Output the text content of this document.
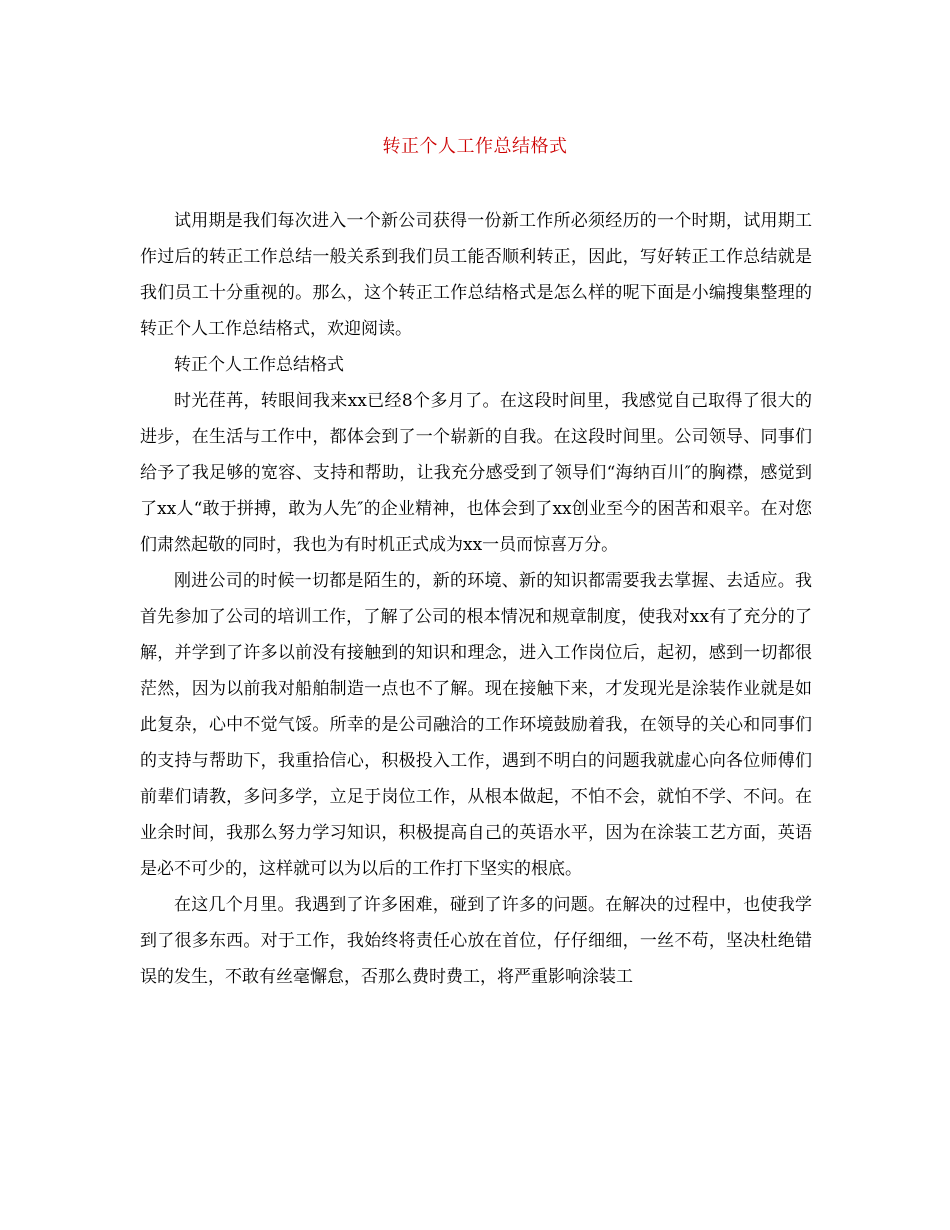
转正个人工作总结格式

试用期是我们每次进入一个新公司获得一份新工作所必须经历的一个时期，试用期工作过后的转正工作总结一般关系到我们员工能否顺利转正，因此，写好转正工作总结就是我们员工十分重视的。那么，这个转正工作总结格式是怎么样的呢下面是小编搜集整理的转正个人工作总结格式，欢迎阅读。

转正个人工作总结格式

时光荏苒，转眼间我来xx已经8个多月了。在这段时间里，我感觉自己取得了很大的进步，在生活与工作中，都体会到了一个崭新的自我。在这段时间里。公司领导、同事们给予了我足够的宽容、支持和帮助，让我充分感受到了领导们“海纳百川″的胸襟，感觉到了xx人“敢于拼搏，敢为人先″的企业精神，也体会到了xx创业至今的困苦和艰辛。在对您们肃然起敬的同时，我也为有时机正式成为xx一员而惊喜万分。

刚进公司的时候一切都是陌生的，新的环境、新的知识都需要我去掌握、去适应。我首先参加了公司的培训工作，了解了公司的根本情况和规章制度，使我对xx有了充分的了解，并学到了许多以前没有接触到的知识和理念，进入工作岗位后，起初，感到一切都很茫然，因为以前我对船舶制造一点也不了解。现在接触下来，才发现光是涂装作业就是如此复杂，心中不觉气馁。所幸的是公司融洽的工作环境鼓励着我，在领导的关心和同事们的支持与帮助下，我重拾信心，积极投入工作，遇到不明白的问题我就虚心向各位师傅们前辈们请教，多问多学，立足于岗位工作，从根本做起，不怕不会，就怕不学、不问。在业余时间，我那么努力学习知识，积极提高自己的英语水平，因为在涂装工艺方面，英语是必不可少的，这样就可以为以后的工作打下坚实的根底。

在这几个月里。我遇到了许多困难，碰到了许多的问题。在解决的过程中，也使我学到了很多东西。对于工作，我始终将责任心放在首位，仔仔细细，一丝不苟，坚决杜绝错误的发生，不敢有丝毫懈怠，否那么费时费工，将严重影响涂装工
